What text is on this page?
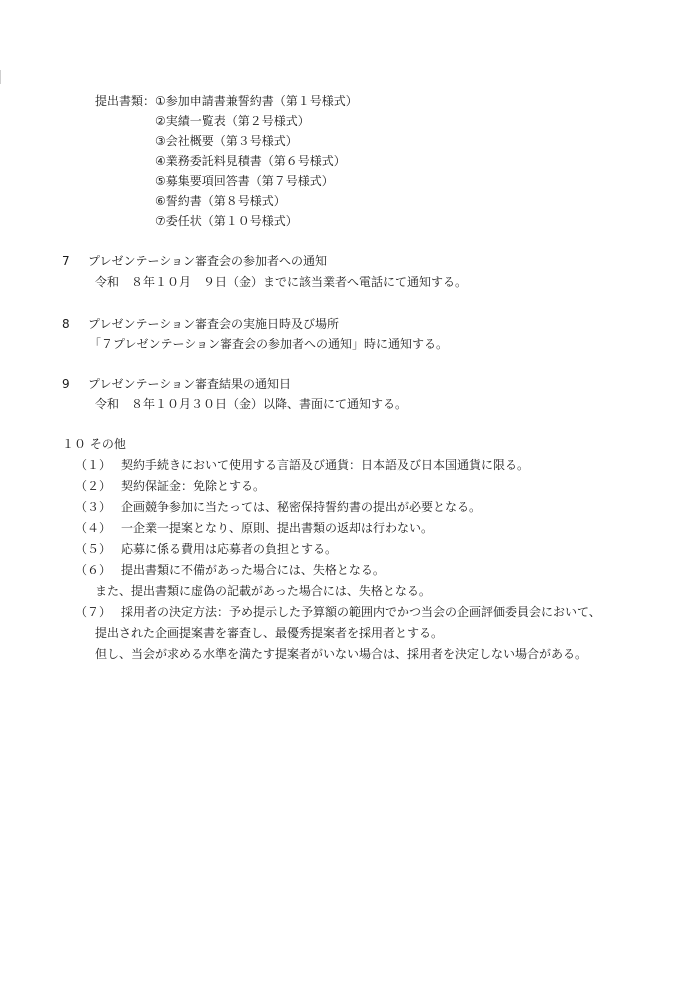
提出書類： ①参加申請書兼誓約書（第１号様式）
②実績一覧表（第２号様式）
③会社概要（第３号様式）
④業務委託料見積書（第６号様式）
⑤募集要項回答書（第７号様式）
⑥誓約書（第８号様式）
⑦委任状（第１０号様式）
7 プレゼンテーション審査会の参加者への通知
令和　８年１０月　９日（金）までに該当業者へ電話にて通知する。
8 プレゼンテーション審査会の実施日時及び場所
「７プレゼンテーション審査会の参加者への通知」時に通知する。
9 プレゼンテーション審査結果の通知日
令和　８年１０月３０日（金）以降、書面にて通知する。
１０ その他
（１） 契約手続きにおいて使用する言語及び通貨：日本語及び日本国通貨に限る。
（２） 契約保証金：免除とする。
（３） 企画競争参加に当たっては、秘密保持誓約書の提出が必要となる。
（４） 一企業一提案となり、原則、提出書類の返却は行わない。
（５） 応募に係る費用は応募者の負担とする。
（６） 提出書類に不備があった場合には、失格となる。
また、提出書類に虚偽の記載があった場合には、失格となる。
（７） 採用者の決定方法：予め提示した予算額の範囲内でかつ当会の企画評価委員会において、
提出された企画提案書を審査し、最優秀提案者を採用者とする。
但し、当会が求める水準を満たす提案者がいない場合は、採用者を決定しない場合がある。
